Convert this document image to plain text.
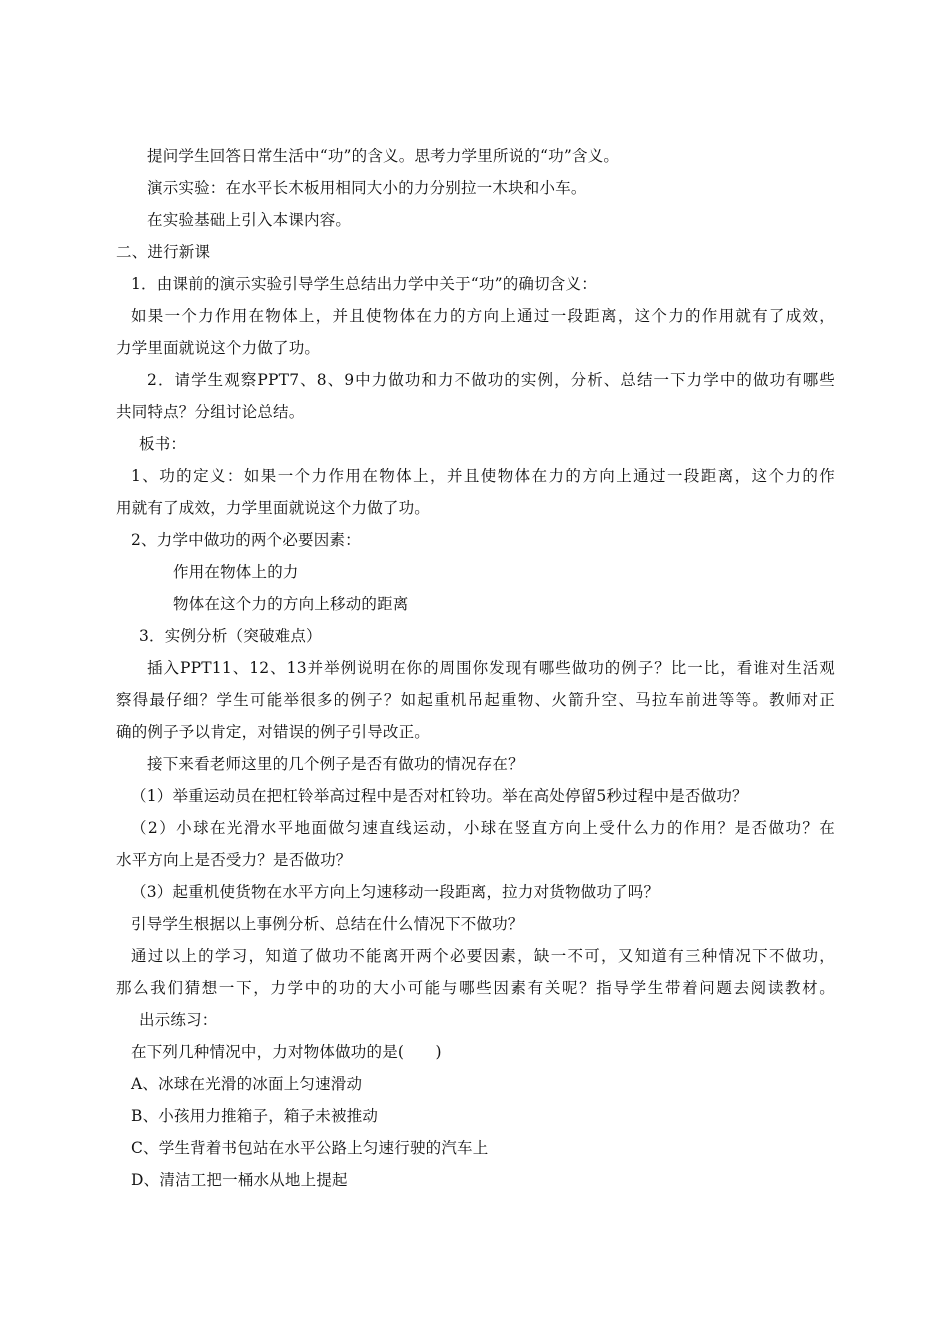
提问学生回答日常生活中“功”的含义。思考力学里所说的“功”含义。
演示实验：在水平长木板用相同大小的力分别拉一木块和小车。
在实验基础上引入本课内容。
二、进行新课
1．由课前的演示实验引导学生总结出力学中关于“功”的确切含义：
如果一个力作用在物体上，并且使物体在力的方向上通过一段距离，这个力的作用就有了成效，
力学里面就说这个力做了功。
2．请学生观察PPT7、8、9中力做功和力不做功的实例，分析、总结一下力学中的做功有哪些
共同特点？分组讨论总结。
板书：
1、功的定义：如果一个力作用在物体上，并且使物体在力的方向上通过一段距离，这个力的作
用就有了成效，力学里面就说这个力做了功。
2、力学中做功的两个必要因素：
作用在物体上的力
物体在这个力的方向上移动的距离
3．实例分析（突破难点）
插入PPT11、12、13并举例说明在你的周围你发现有哪些做功的例子？比一比，看谁对生活观
察得最仔细？学生可能举很多的例子？如起重机吊起重物、火箭升空、马拉车前进等等。教师对正
确的例子予以肯定，对错误的例子引导改正。
接下来看老师这里的几个例子是否有做功的情况存在？
（1）举重运动员在把杠铃举高过程中是否对杠铃功。举在高处停留5秒过程中是否做功？
（2）小球在光滑水平地面做匀速直线运动，小球在竖直方向上受什么力的作用？是否做功？在
水平方向上是否受力？是否做功？
（3）起重机使货物在水平方向上匀速移动一段距离，拉力对货物做功了吗？
引导学生根据以上事例分析、总结在什么情况下不做功？
通过以上的学习，知道了做功不能离开两个必要因素，缺一不可，又知道有三种情况下不做功，
那么我们猜想一下，力学中的功的大小可能与哪些因素有关呢？指导学生带着问题去阅读教材。
出示练习：
在下列几种情况中，力对物体做功的是(　　)
A、冰球在光滑的冰面上匀速滑动
B、小孩用力推箱子，箱子未被推动
C、学生背着书包站在水平公路上匀速行驶的汽车上
D、清洁工把一桶水从地上提起
